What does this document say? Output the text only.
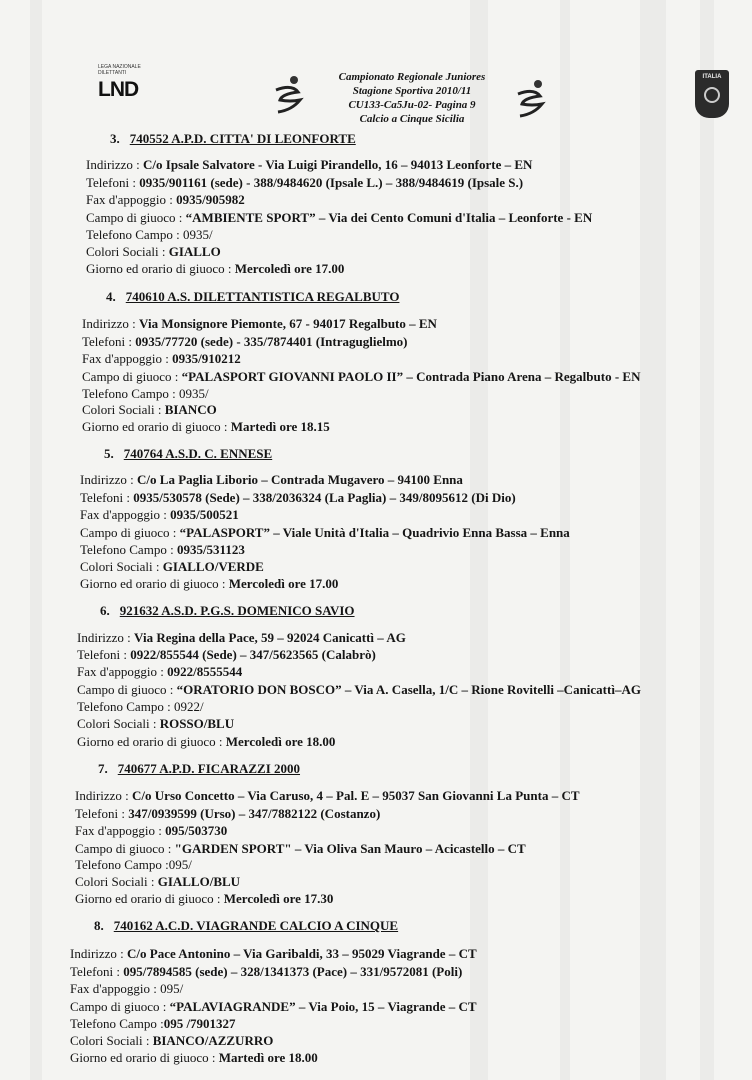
LEGA NAZIONALE DILETTANTI
LND
Campionato Regionale Juniores
Stagione Sportiva 2010/11
CU133-Ca5Ju-02- Pagina 9
Calcio a Cinque Sicilia
ITALIA
3. 740552 A.P.D. CITTA' DI LEONFORTE
Indirizzo : C/o Ipsale Salvatore - Via Luigi Pirandello, 16 – 94013 Leonforte – EN
Telefoni : 0935/901161 (sede) - 388/9484620 (Ipsale L.) – 388/9484619 (Ipsale S.)
Fax d'appoggio : 0935/905982
Campo di giuoco : “AMBIENTE SPORT” – Via dei Cento Comuni d'Italia – Leonforte - EN
Telefono Campo : 0935/
Colori Sociali : GIALLO
Giorno ed orario di giuoco : Mercoledì ore 17.00
4. 740610 A.S. DILETTANTISTICA REGALBUTO
Indirizzo : Via Monsignore Piemonte, 67 - 94017 Regalbuto – EN
Telefoni : 0935/77720 (sede) - 335/7874401 (Intraguglielmo)
Fax d'appoggio : 0935/910212
Campo di giuoco : “PALASPORT GIOVANNI PAOLO II” – Contrada Piano Arena – Regalbuto - EN
Telefono Campo : 0935/
Colori Sociali : BIANCO
Giorno ed orario di giuoco : Martedì ore 18.15
5. 740764 A.S.D. C. ENNESE
Indirizzo : C/o La Paglia Liborio – Contrada Mugavero – 94100 Enna
Telefoni : 0935/530578 (Sede) – 338/2036324 (La Paglia) – 349/8095612 (Di Dio)
Fax d'appoggio : 0935/500521
Campo di giuoco : “PALASPORT” – Viale Unità d'Italia – Quadrivio Enna Bassa – Enna
Telefono Campo : 0935/531123
Colori Sociali : GIALLO/VERDE
Giorno ed orario di giuoco : Mercoledì ore 17.00
6. 921632 A.S.D. P.G.S. DOMENICO SAVIO
Indirizzo : Via Regina della Pace, 59 – 92024 Canicattì – AG
Telefoni : 0922/855544 (Sede) – 347/5623565 (Calabrò)
Fax d'appoggio : 0922/8555544
Campo di giuoco : “ORATORIO DON BOSCO” – Via A. Casella, 1/C – Rione Rovitelli –Canicattì–AG
Telefono Campo : 0922/
Colori Sociali : ROSSO/BLU
Giorno ed orario di giuoco : Mercoledì ore 18.00
7. 740677 A.P.D. FICARAZZI 2000
Indirizzo : C/o Urso Concetto – Via Caruso, 4 – Pal. E – 95037 San Giovanni La Punta – CT
Telefoni : 347/0939599 (Urso) – 347/7882122 (Costanzo)
Fax d'appoggio : 095/503730
Campo di giuoco : "GARDEN SPORT" – Via Oliva San Mauro – Acicastello – CT
Telefono Campo :095/
Colori Sociali : GIALLO/BLU
Giorno ed orario di giuoco : Mercoledì ore 17.30
8. 740162 A.C.D. VIAGRANDE CALCIO A CINQUE
Indirizzo : C/o Pace Antonino – Via Garibaldi, 33 – 95029 Viagrande – CT
Telefoni : 095/7894585 (sede) – 328/1341373 (Pace) – 331/9572081 (Poli)
Fax d'appoggio : 095/
Campo di giuoco : “PALAVIAGRANDE” – Via Poio, 15 – Viagrande – CT
Telefono Campo :095 /7901327
Colori Sociali : BIANCO/AZZURRO
Giorno ed orario di giuoco : Martedì ore 18.00
